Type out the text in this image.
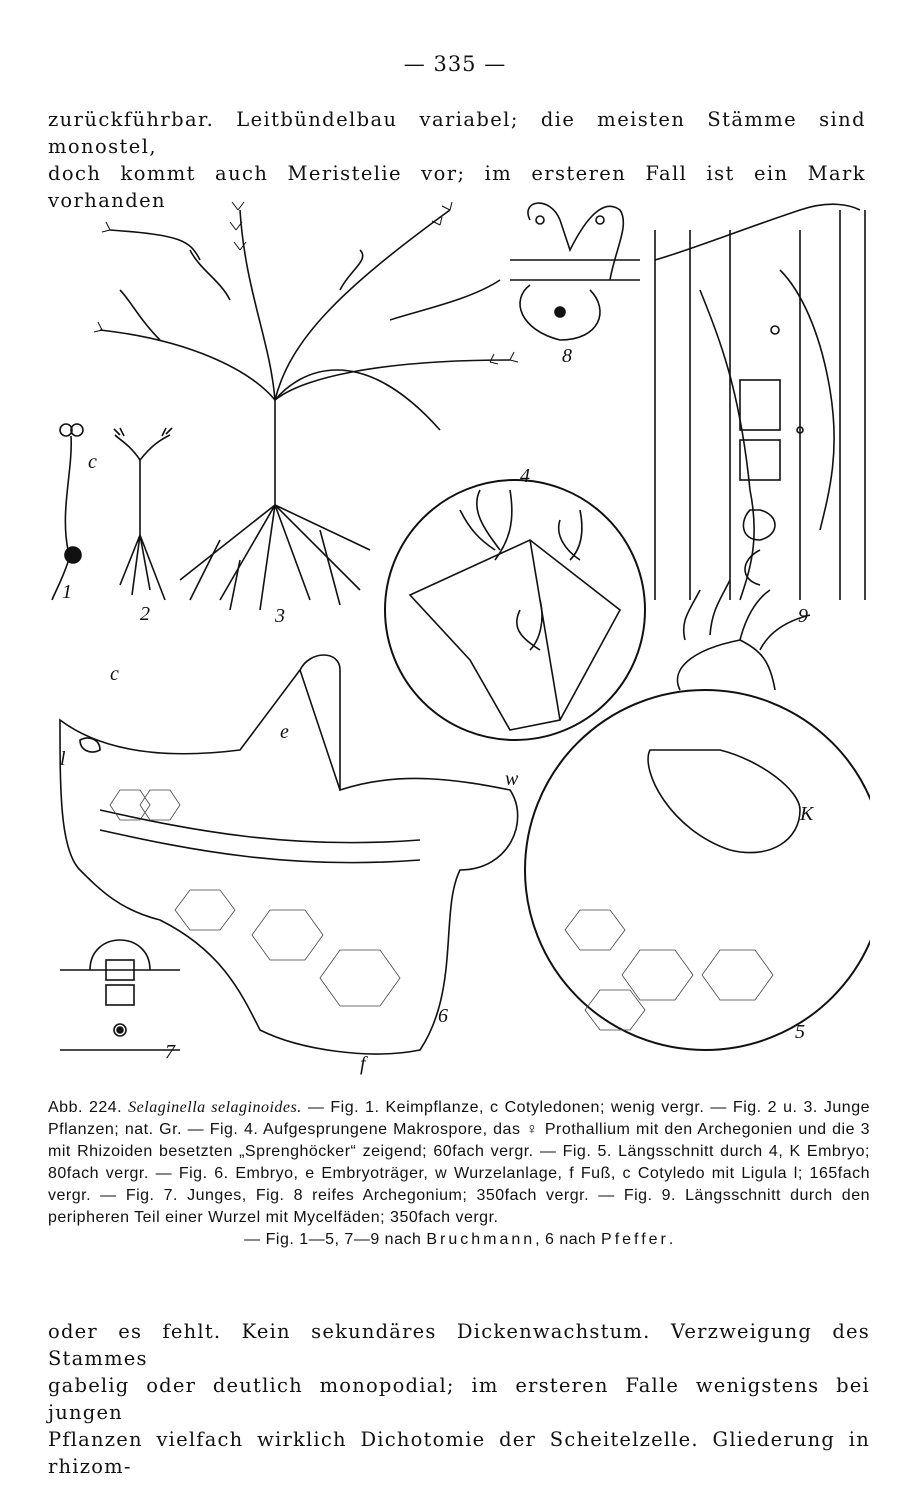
— 335 —

zurückführbar. Leitbündelbau variabel; die meisten Stämme sind monostel,

doch kommt auch Meristelie vor; im ersteren Fall ist ein Mark vorhanden

1
2	3
4
5
6
7
8
9
c
c
e
l
w
f
K
Abb. 224. Selaginella selaginoides. — Fig. 1. Keimpflanze, c Cotyledonen; wenig vergr. — Fig. 2 u. 3. Junge Pflanzen; nat. Gr. — Fig. 4. Aufgesprungene Makrospore, das ♀ Prothallium mit den Archegonien und die 3 mit Rhizoiden besetzten „Sprenghöcker“ zeigend; 60fach vergr. — Fig. 5. Längsschnitt durch 4, K Embryo; 80fach vergr. — Fig. 6. Embryo, e Embryoträger, w Wurzelanlage, f Fuß, c Cotyledo mit Ligula l; 165fach vergr. — Fig. 7. Junges, Fig. 8 reifes Archegonium; 350fach vergr. — Fig. 9. Längsschnitt durch den peripheren Teil einer Wurzel mit Mycelfäden; 350fach vergr.
— Fig. 1—5, 7—9 nach Bruchmann, 6 nach Pfeffer.

oder es fehlt. Kein sekundäres Dickenwachstum. Verzweigung des Stammes

gabelig oder deutlich monopodial; im ersteren Falle wenigstens bei jungen

Pflanzen vielfach wirklich Dichotomie der Scheitelzelle. Gliederung in rhizom-
